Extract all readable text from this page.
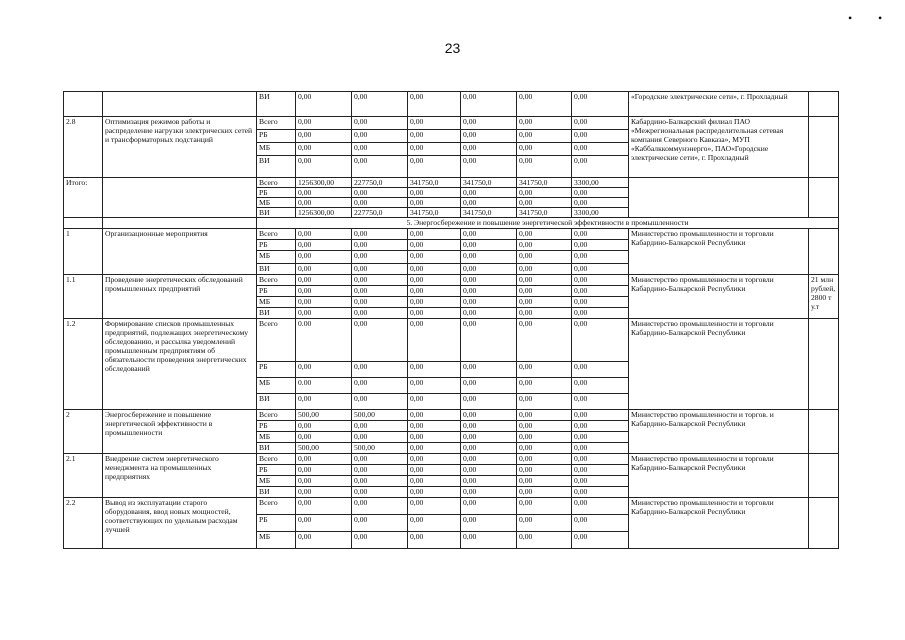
23
• •
		ВИ	0,00	0,00	0,00	0,00	0,00	0,00	«Городские электрические сети», г. Прохладный	
2.8	Оптимизация режимов работы и распределение нагрузки электрических сетей и трансформаторных подстанций	Всего	0,00	0,00	0,00	0,00	0,00	0,00	Кабардино-Балкарский филиал ПАО «Межрегиональная распределительная сетевая компания Северного Кавказа», МУП «Каббалккоммунэнерго», ПАО«Городские электрические сети», г. Прохладный	
		РБ	0,00	0,00	0,00	0,00	0,00	0,00		
		МБ	0,00	0,00	0,00	0,00	0,00	0,00		
		ВИ	0,00	0,00	0,00	0,00	0,00	0,00		
Итого:		Всего	1256300,00	227750,0	341750,0	341750,0	341750,0	3300,00		
		РБ	0,00	0,00	0,00	0,00	0,00	0,00		
		МБ	0,00	0,00	0,00	0,00	0,00	0,00		
		ВИ	1256300,00	227750,0	341750,0	341750,0	341750,0	3300,00		
		5. Энергосбережение и повышение энергетической эффективности в промышленности								
1	Организационные мероприятия	Всего	0,00	0,00	0,00	0,00	0,00	0,00	Министерство промышленности и торговли Кабардино-Балкарской Республики	
		РБ	0,00	0,00	0,00	0,00	0,00	0,00		
		МБ	0,00	0,00	0,00	0,00	0,00	0,00		
		ВИ	0,00	0,00	0,00	0,00	0,00	0,00		
1.1	Проведение энергетических обследований промышленных предприятий	Всего	0,00	0,00	0,00	0,00	0,00	0,00	Министерство промышленности и торговли Кабардино-Балкарской Республики	21 млн рублей, 2800 т у.т
		РБ	0,00	0,00	0,00	0,00	0,00	0,00		
		МБ	0,00	0,00	0,00	0,00	0,00	0,00		
		ВИ	0,00	0,00	0,00	0,00	0,00	0,00		
1.2	Формирование списков промышленных предприятий, подлежащих энергетическому обследованию, и рассылка уведомлений промышленным предприятиям об обязательности проведения энергетических обследований	Всего	0.00	0,00	0,00	0,00	0,00	0,00	Министерство промышленности и торговли Кабардино-Балкарской Республики	
		РБ	0,00	0,00	0,00	0,00	0,00	0,00		
		МБ	0.00	0,00	0,00	0,00	0,00	0,00		
		ВИ	0,00	0,00	0,00	0,00	0,00	0,00		
2	Энергосбережение и повышение энергетической эффективности в промышленности	Всего	500,00	500,00	0,00	0,00	0,00	0,00	Министерство промышленности и торгов. и Кабардино-Балкарской Республики	
		РБ	0,00	0,00	0,00	0,00	0,00	0,00		
		МБ	0,00	0,00	0,00	0,00	0,00	0,00		
		ВИ	500,00	500,00	0,00	0,00	0,00	0,00		
2.1	Внедрение систем энергетического менеджмента на промышленных предприятиях	Всего	0,00	0,00	0,00	0,00	0,00	0,00	Министерство промышленности и торговли Кабардино-Балкарской Республики	
		РБ	0,00	0,00	0,00	0,00	0,00	0,00		
		МБ	0,00	0,00	0,00	0,00	0,00	0,00		
		ВИ	0,00	0,00	0,00	0,00	0,00	0,00		
2.2	Вывод из эксплуатации старого оборудования, ввод новых мощностей, соответствующих по удельным расходам лучшей	Всего	0,00	0,00	0,00	0,00	0,00	0,00	Министерство промышленности и торговли Кабардино-Балкарской Республики	
		РБ	0,00	0,00	0,00	0,00	0,00	0,00		
		МБ	0,00	0,00	0,00	0,00	0,00	0,00		
